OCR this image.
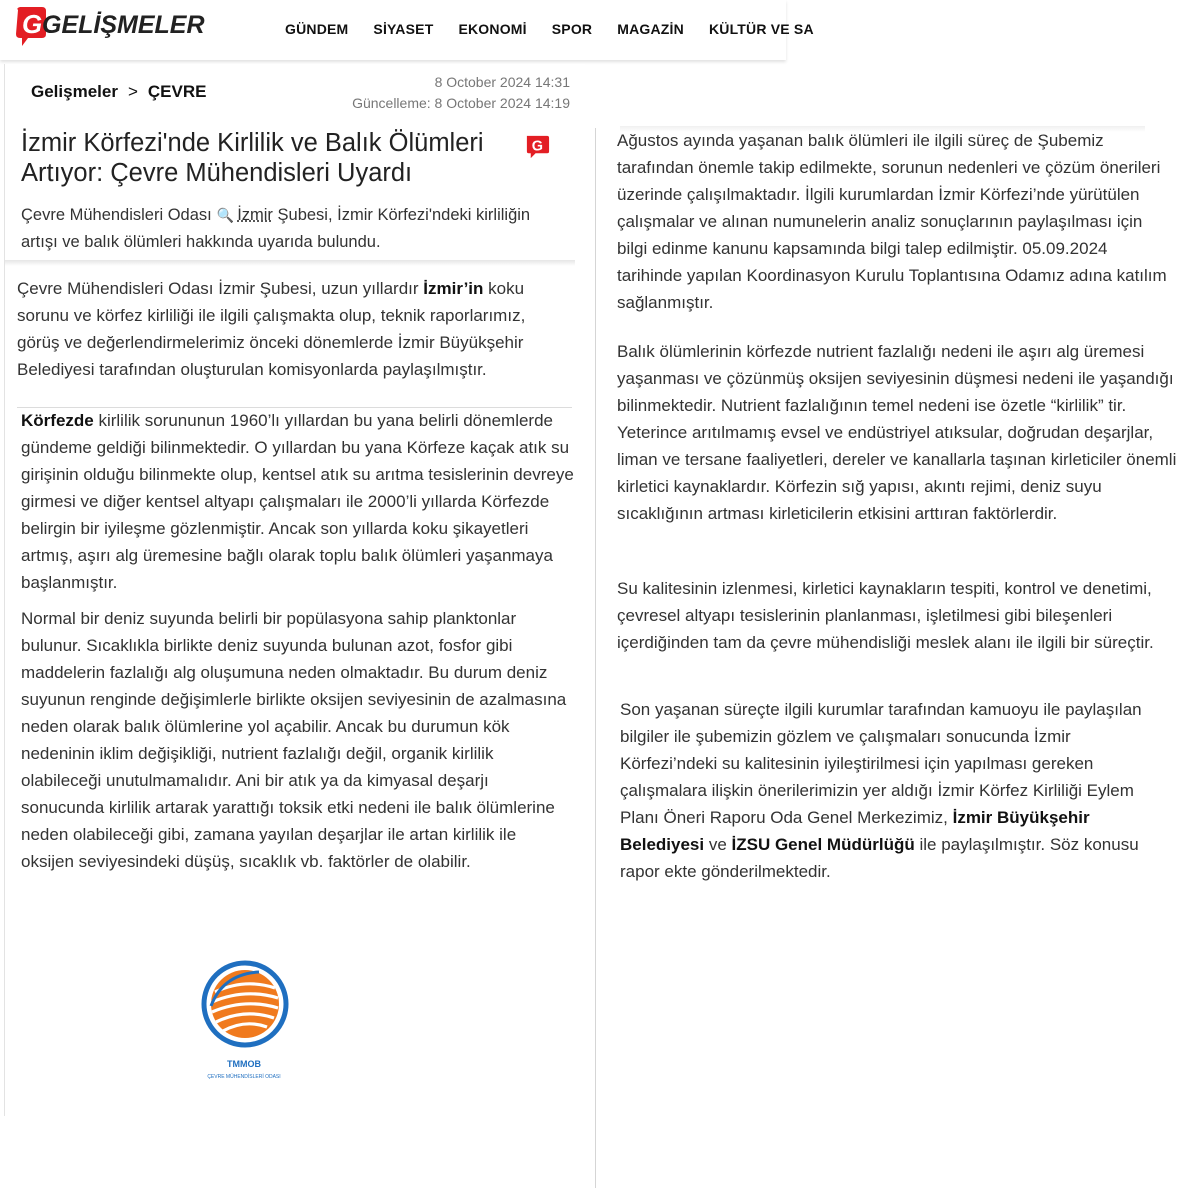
G GELİŞMELER	GÜNDEM SİYASET EKONOMİ SPOR MAGAZİN KÜLTÜR VE SA
Gelişmeler > ÇEVRE	8 October 2024 14:31
Güncelleme: 8 October 2024 14:19
İzmir Körfezi'nde Kirlilik ve Balık Ölümleri Artıyor: Çevre Mühendisleri Uyardı
G
Çevre Mühendisleri Odası 🔍 İzmir Şubesi, İzmir Körfezi'ndeki kirliliğin artışı ve balık ölümleri hakkında uyarıda bulundu.

Çevre Mühendisleri Odası İzmir Şubesi, uzun yıllardır İzmir’in koku sorunu ve körfez kirliliği ile ilgili çalışmakta olup, teknik raporlarımız, görüş ve değerlendirmelerimiz önceki dönemlerde İzmir Büyükşehir Belediyesi tarafından oluşturulan komisyonlarda paylaşılmıştır.

Körfezde kirlilik sorununun 1960’lı yıllardan bu yana belirli dönemlerde gündeme geldiği bilinmektedir. O yıllardan bu yana Körfeze kaçak atık su girişinin olduğu bilinmekte olup, kentsel atık su arıtma tesislerinin devreye girmesi ve diğer kentsel altyapı çalışmaları ile 2000’li yıllarda Körfezde belirgin bir iyileşme gözlenmiştir. Ancak son yıllarda koku şikayetleri artmış, aşırı alg üremesine bağlı olarak toplu balık ölümleri yaşanmaya başlanmıştır.

Normal bir deniz suyunda belirli bir popülasyona sahip planktonlar bulunur. Sıcaklıkla birlikte deniz suyunda bulunan azot, fosfor gibi maddelerin fazlalığı alg oluşumuna neden olmaktadır. Bu durum deniz suyunun renginde değişimlerle birlikte oksijen seviyesinin de azalmasına neden olarak balık ölümlerine yol açabilir. Ancak bu durumun kök nedeninin iklim değişikliği, nutrient fazlalığı değil, organik kirlilik olabileceği unutulmamalıdır. Ani bir atık ya da kimyasal deşarjı sonucunda kirlilik artarak yarattığı toksik etki nedeni ile balık ölümlerine neden olabileceği gibi, zamana yayılan deşarjlar ile artan kirlilik ile oksijen seviyesindeki düşüş, sıcaklık vb. faktörler de olabilir.

TMMOB
ÇEVRE MÜHENDİSLERİ ODASI

Ağustos ayında yaşanan balık ölümleri ile ilgili süreç de Şubemiz tarafından önemle takip edilmekte, sorunun nedenleri ve çözüm önerileri üzerinde çalışılmaktadır. İlgili kurumlardan İzmir Körfezi’nde yürütülen çalışmalar ve alınan numunelerin analiz sonuçlarının paylaşılması için bilgi edinme kanunu kapsamında bilgi talep edilmiştir. 05.09.2024 tarihinde yapılan Koordinasyon Kurulu Toplantısına Odamız adına katılım sağlanmıştır.

Balık ölümlerinin körfezde nutrient fazlalığı nedeni ile aşırı alg üremesi yaşanması ve çözünmüş oksijen seviyesinin düşmesi nedeni ile yaşandığı bilinmektedir. Nutrient fazlalığının temel nedeni ise özetle “kirlilik” tir. Yeterince arıtılmamış evsel ve endüstriyel atıksular, doğrudan deşarjlar, liman ve tersane faaliyetleri, dereler ve kanallarla taşınan kirleticiler önemli kirletici kaynaklardır. Körfezin sığ yapısı, akıntı rejimi, deniz suyu sıcaklığının artması kirleticilerin etkisini arttıran faktörlerdir.

Su kalitesinin izlenmesi, kirletici kaynakların tespiti, kontrol ve denetimi, çevresel altyapı tesislerinin planlanması, işletilmesi gibi bileşenleri içerdiğinden tam da çevre mühendisliği meslek alanı ile ilgili bir süreçtir.

Son yaşanan süreçte ilgili kurumlar tarafından kamuoyu ile paylaşılan bilgiler ile şubemizin gözlem ve çalışmaları sonucunda İzmir Körfezi’ndeki su kalitesinin iyileştirilmesi için yapılması gereken çalışmalara ilişkin önerilerimizin yer aldığı İzmir Körfez Kirliliği Eylem Planı Öneri Raporu Oda Genel Merkezimiz, İzmir Büyükşehir Belediyesi ve İZSU Genel Müdürlüğü ile paylaşılmıştır. Söz konusu rapor ekte gönderilmektedir.
